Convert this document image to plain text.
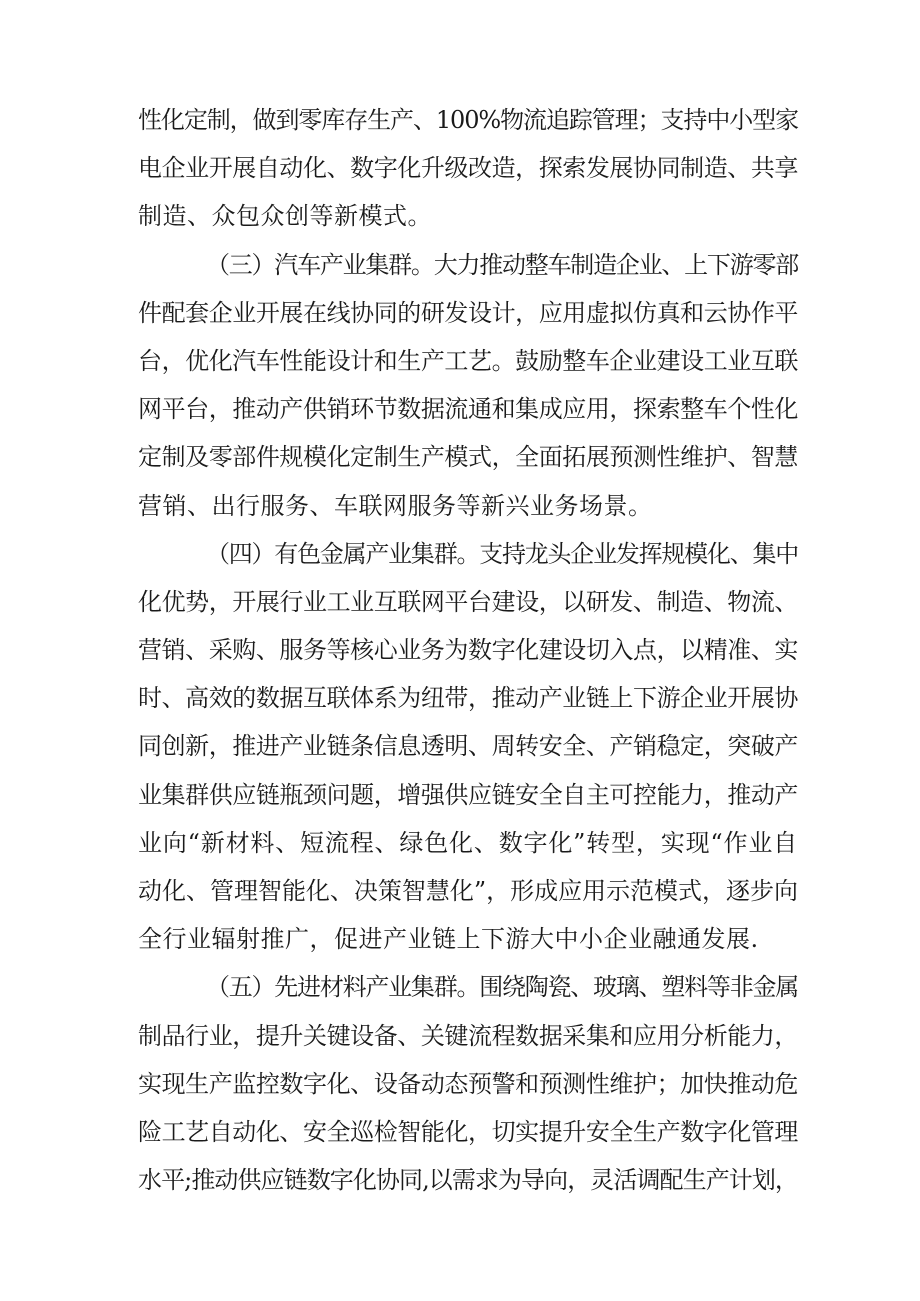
性化定制，做到零库存生产、100%物流追踪管理；支持中小型家
电企业开展自动化、数字化升级改造，探索发展协同制造、共享
制造、众包众创等新模式。
（三）汽车产业集群。大力推动整车制造企业、上下游零部
件配套企业开展在线协同的研发设计，应用虚拟仿真和云协作平
台，优化汽车性能设计和生产工艺。鼓励整车企业建设工业互联
网平台，推动产供销环节数据流通和集成应用，探索整车个性化
定制及零部件规模化定制生产模式，全面拓展预测性维护、智慧
营销、出行服务、车联网服务等新兴业务场景。
（四）有色金属产业集群。支持龙头企业发挥规模化、集中
化优势，开展行业工业互联网平台建设，以研发、制造、物流、
营销、采购、服务等核心业务为数字化建设切入点，以精准、实
时、高效的数据互联体系为纽带，推动产业链上下游企业开展协
同创新，推进产业链条信息透明、周转安全、产销稳定，突破产
业集群供应链瓶颈问题，增强供应链安全自主可控能力，推动产
业向“新材料、短流程、绿色化、数字化”转型，实现“作业自
动化、管理智能化、决策智慧化”，形成应用示范模式，逐步向
全行业辐射推广，促进产业链上下游大中小企业融通发展.
（五）先进材料产业集群。围绕陶瓷、玻璃、塑料等非金属
制品行业，提升关键设备、关键流程数据采集和应用分析能力，
实现生产监控数字化、设备动态预警和预测性维护；加快推动危
险工艺自动化、安全巡检智能化，切实提升安全生产数字化管理
水平;推动供应链数字化协同,以需求为导向，灵活调配生产计划，
